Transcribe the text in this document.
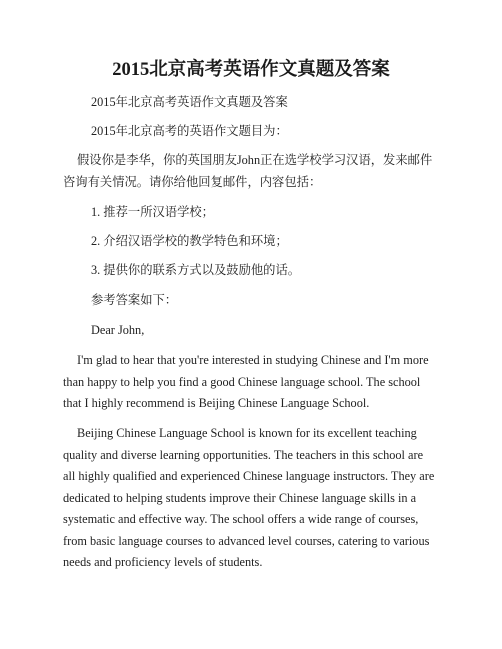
2015北京高考英语作文真题及答案

2015年北京高考英语作文真题及答案

2015年北京高考的英语作文题目为：

假设你是李华，你的英国朋友John正在选学校学习汉语，发来邮件咨询有关情况。请你给他回复邮件，内容包括：

1. 推荐一所汉语学校；

2. 介绍汉语学校的教学特色和环境；

3. 提供你的联系方式以及鼓励他的话。

参考答案如下：

Dear John,

I'm glad to hear that you're interested in studying Chinese and I'm more than happy to help you find a good Chinese language school. The school that I highly recommend is Beijing Chinese Language School.

Beijing Chinese Language School is known for its excellent teaching quality and diverse learning opportunities. The teachers in this school are all highly qualified and experienced Chinese language instructors. They are dedicated to helping students improve their Chinese language skills in a systematic and effective way. The school offers a wide range of courses, from basic language courses to advanced level courses, catering to various needs and proficiency levels of students.
